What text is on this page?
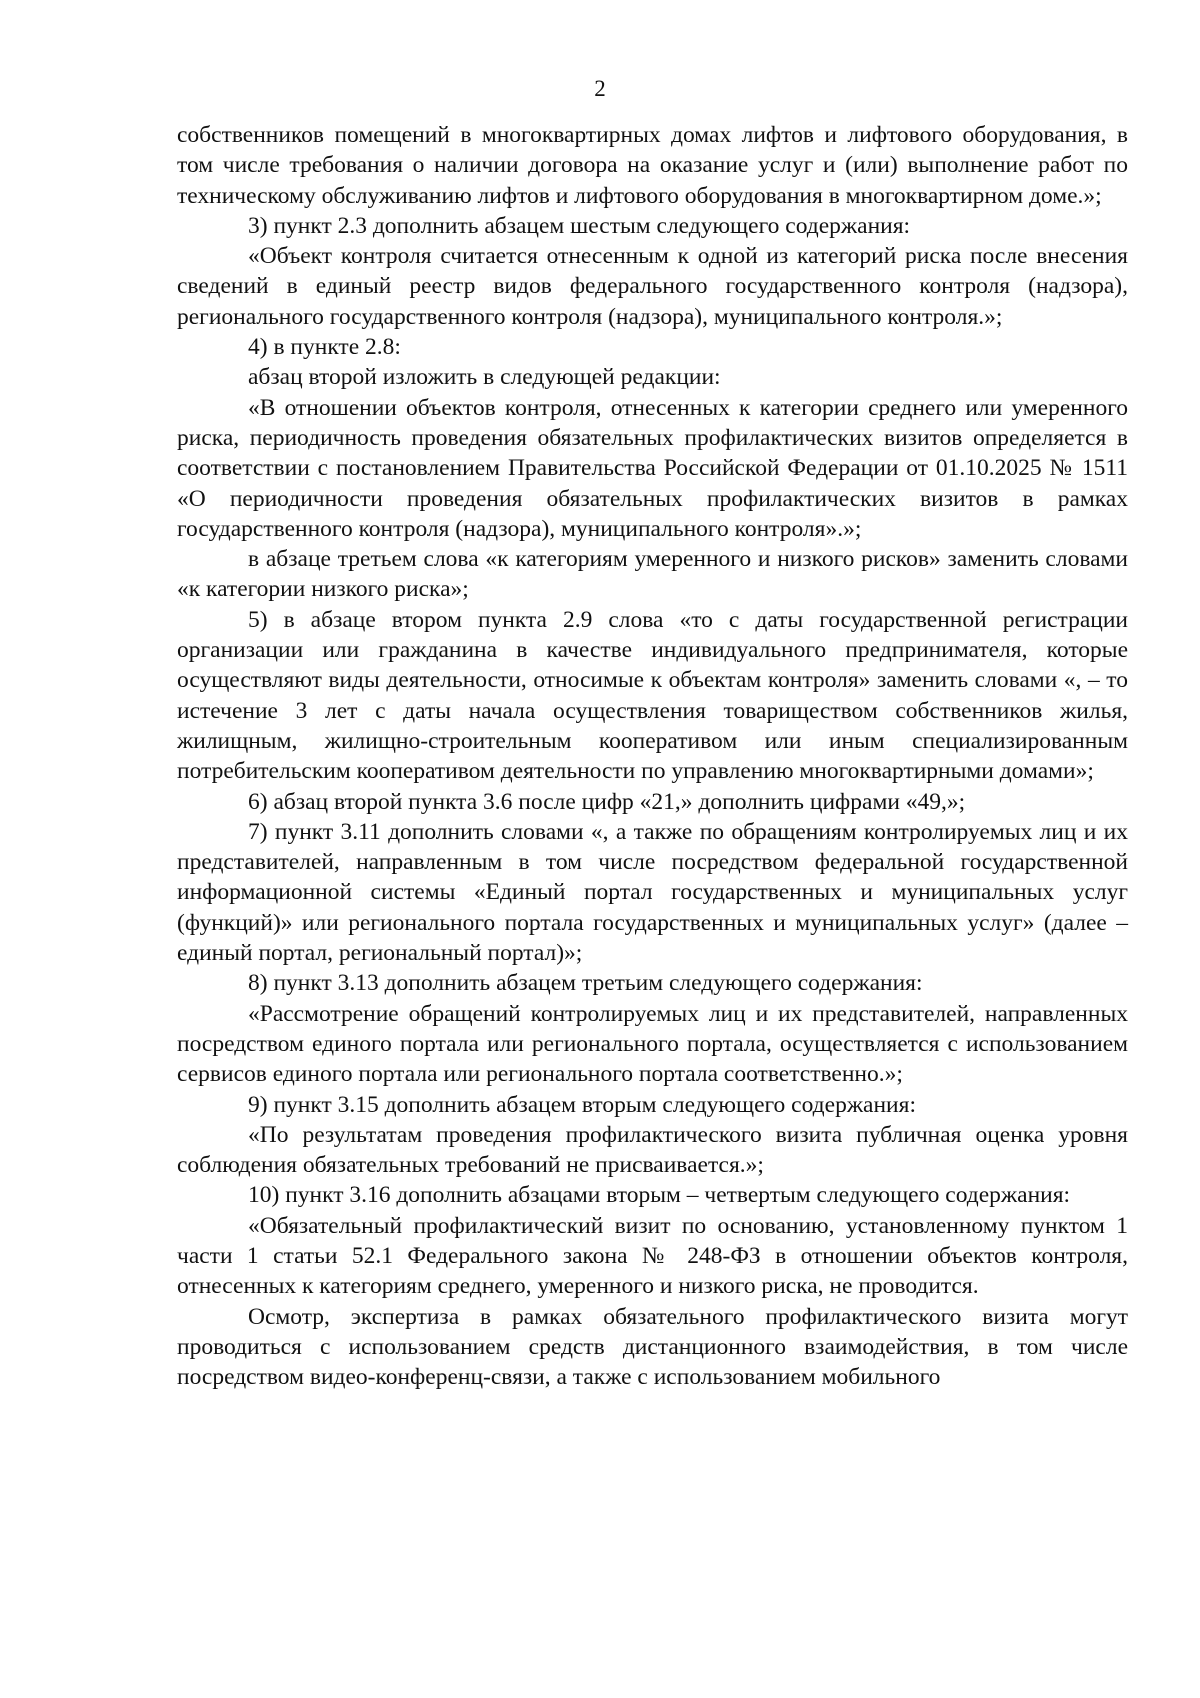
2

собственников помещений в многоквартирных домах лифтов и лифтового оборудования, в том числе требования о наличии договора на оказание услуг и (или) выполнение работ по техническому обслуживанию лифтов и лифтового оборудования в многоквартирном доме.»;

3) пункт 2.3 дополнить абзацем шестым следующего содержания:

«Объект контроля считается отнесенным к одной из категорий риска после внесения сведений в единый реестр видов федерального государственного контроля (надзора), регионального государственного контроля (надзора), муниципального контроля.»;

4) в пункте 2.8:

абзац второй изложить в следующей редакции:

«В отношении объектов контроля, отнесенных к категории среднего или умеренного риска, периодичность проведения обязательных профилактических визитов определяется в соответствии с постановлением Правительства Российской Федерации от 01.10.2025 № 1511 «О периодичности проведения обязательных профилактических визитов в рамках государственного контроля (надзора), муниципального контроля».»;

в абзаце третьем слова «к категориям умеренного и низкого рисков» заменить словами «к категории низкого риска»;

5) в абзаце втором пункта 2.9 слова «то с даты государственной регистрации организации или гражданина в качестве индивидуального предпринимателя, которые осуществляют виды деятельности, относимые к объектам контроля» заменить словами «, – то истечение 3 лет с даты начала осуществления товариществом собственников жилья, жилищным, жилищно-строительным кооперативом или иным специализированным потребительским кооперативом деятельности по управлению многоквартирными домами»;

6) абзац второй пункта 3.6 после цифр «21,» дополнить цифрами «49,»;

7) пункт 3.11 дополнить словами «, а также по обращениям контролируемых лиц и их представителей, направленным в том числе посредством федеральной государственной информационной системы «Единый портал государственных и муниципальных услуг (функций)» или регионального портала государственных и муниципальных услуг» (далее – единый портал, региональный портал)»;

8) пункт 3.13 дополнить абзацем третьим следующего содержания:

«Рассмотрение обращений контролируемых лиц и их представителей, направленных посредством единого портала или регионального портала, осуществляется с использованием сервисов единого портала или регионального портала соответственно.»;

9) пункт 3.15 дополнить абзацем вторым следующего содержания:

«По результатам проведения профилактического визита публичная оценка уровня соблюдения обязательных требований не присваивается.»;

10) пункт 3.16 дополнить абзацами вторым – четвертым следующего содержания:

«Обязательный профилактический визит по основанию, установленному пунктом 1 части 1 статьи 52.1 Федерального закона № 248-ФЗ в отношении объектов контроля, отнесенных к категориям среднего, умеренного и низкого риска, не проводится.

Осмотр, экспертиза в рамках обязательного профилактического визита могут проводиться с использованием средств дистанционного взаимодействия, в том числе посредством видео-конференц-связи, а также с использованием мобильного
